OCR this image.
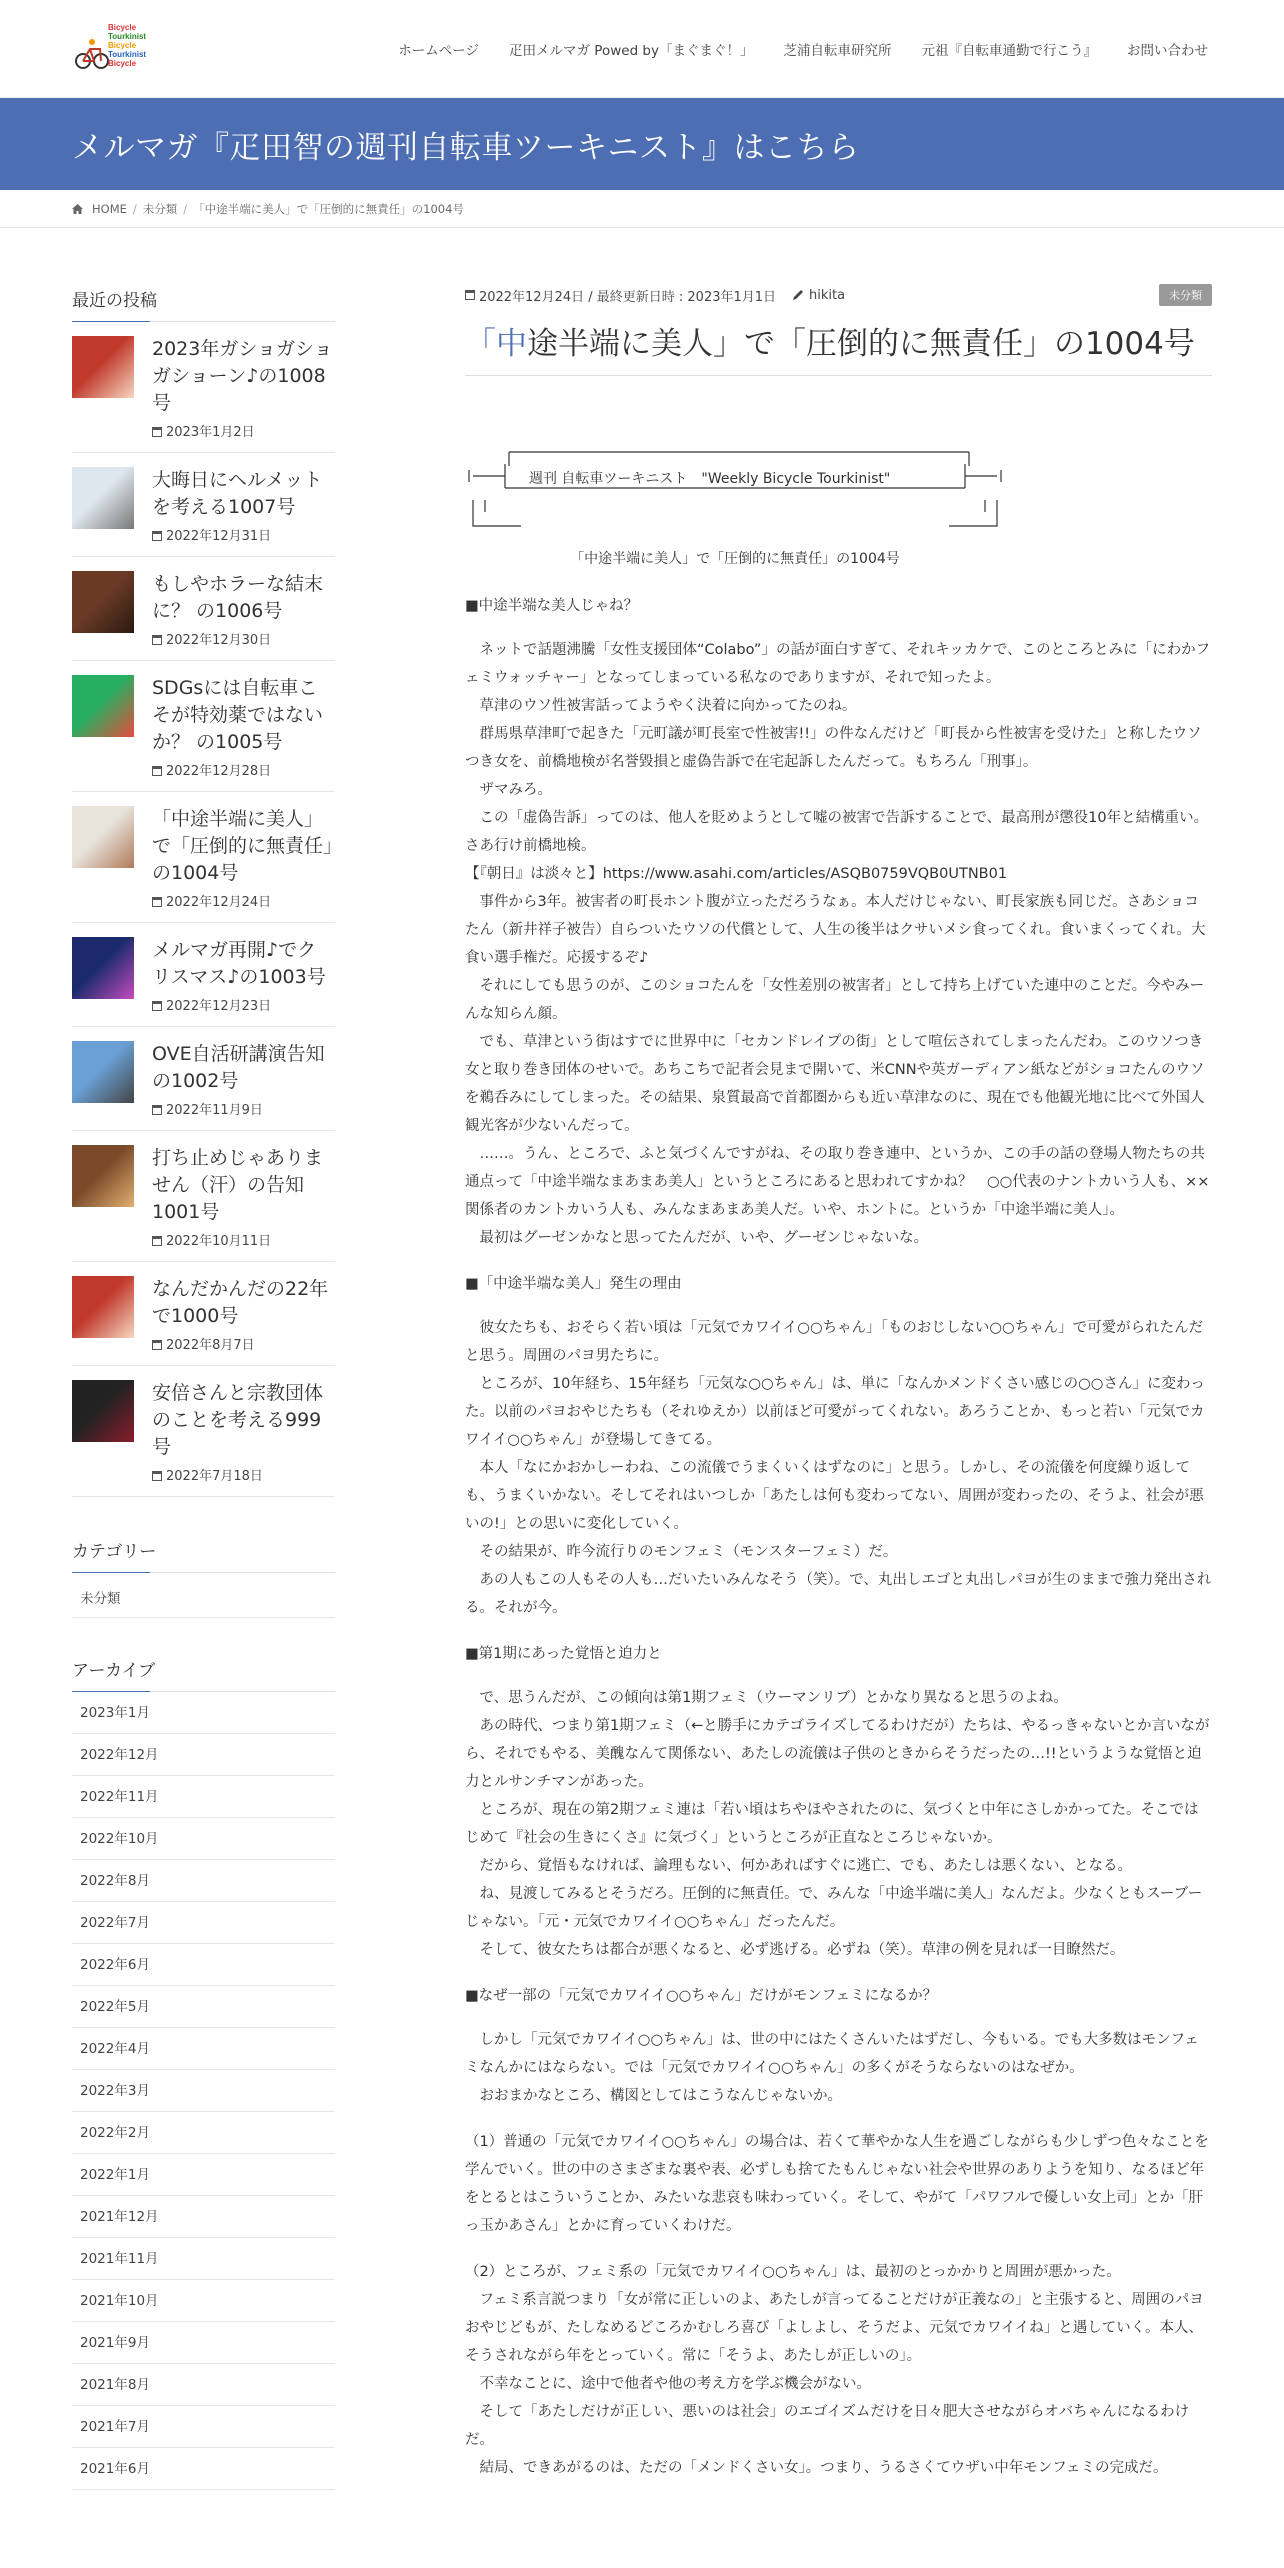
Bicycle
Tourkinist
Bicycle
Tourkinist
Bicycle
ホームページ 疋田メルマガ Powed by「まぐまぐ！」 芝浦自転車研究所 元祖『自転車通勤で行こう』 お問い合わせ
メルマガ『疋田智の週刊自転車ツーキニスト』はこちら
HOME / 未分類 / 「中途半端に美人」で「圧倒的に無責任」の1004号
最近の投稿
2023年ガショガショガショーン♪の1008号
2023年1月2日
大晦日にヘルメットを考える1007号
2022年12月31日
もしやホラーな結末に？ の1006号
2022年12月30日
SDGsには自転車こそが特効薬ではないか？ の1005号
2022年12月28日
「中途半端に美人」で「圧倒的に無責任」の1004号
2022年12月24日
メルマガ再開♪でクリスマス♪の1003号
2022年12月23日
OVE自活研講演告知の1002号
2022年11月9日
打ち止めじゃありません（汗）の告知1001号
2022年10月11日
なんだかんだの22年で1000号
2022年8月7日
安倍さんと宗教団体のことを考える999号
2022年7月18日
カテゴリー
未分類
アーカイブ
2023年1月
2022年12月
2022年11月
2022年10月
2022年8月
2022年7月
2022年6月
2022年5月
2022年4月
2022年3月
2022年2月
2022年1月
2021年12月
2021年11月
2021年10月
2021年9月
2021年8月
2021年7月
2021年6月
2022年12月24日 / 最終更新日時 : 2023年1月1日	hikita	未分類
「中途半端に美人」で「圧倒的に無責任」の1004号
週刊 自転車ツーキニスト　"Weekly Bicycle Tourkinist"
「中途半端に美人」で「圧倒的に無責任」の1004号
■中途半端な美人じゃね？
　ネットで話題沸騰「女性支援団体“Colabo”」の話が面白すぎて、それキッカケで、このところとみに「にわかフェミウォッチャー」となってしまっている私なのでありますが、それで知ったよ。
　草津のウソ性被害話ってようやく決着に向かってたのね。
　群馬県草津町で起きた「元町議が町長室で性被害!!」の件なんだけど「町長から性被害を受けた」と称したウソつき女を、前橋地検が名誉毀損と虚偽告訴で在宅起訴したんだって。もちろん「刑事」。
　ザマみろ。
　この「虚偽告訴」ってのは、他人を貶めようとして嘘の被害で告訴することで、最高刑が懲役10年と結構重い。さあ行け前橋地検。
【『朝日』は淡々と】https://www.asahi.com/articles/ASQB0759VQB0UTNB01
　事件から3年。被害者の町長ホント腹が立っただろうなぁ。本人だけじゃない、町長家族も同じだ。さあショコたん（新井祥子被告）自らついたウソの代償として、人生の後半はクサいメシ食ってくれ。食いまくってくれ。大食い選手権だ。応援するぞ♪
　それにしても思うのが、このショコたんを「女性差別の被害者」として持ち上げていた連中のことだ。今やみーんな知らん顔。
　でも、草津という街はすでに世界中に「セカンドレイプの街」として喧伝されてしまったんだわ。このウソつき女と取り巻き団体のせいで。あちこちで記者会見まで開いて、米CNNや英ガーディアン紙などがショコたんのウソを鵜呑みにしてしまった。その結果、泉質最高で首都圏からも近い草津なのに、現在でも他観光地に比べて外国人観光客が少ないんだって。
　……。うん、ところで、ふと気づくんですがね、その取り巻き連中、というか、この手の話の登場人物たちの共通点って「中途半端なまあまあ美人」というところにあると思われてすかね？　○○代表のナントカいう人も、××関係者のカントカいう人も、みんなまあまあ美人だ。いや、ホントに。というか「中途半端に美人」。
　最初はグーゼンかなと思ってたんだが、いや、グーゼンじゃないな。
■「中途半端な美人」発生の理由
　彼女たちも、おそらく若い頃は「元気でカワイイ○○ちゃん」「ものおじしない○○ちゃん」で可愛がられたんだと思う。周囲のパヨ男たちに。
　ところが、10年経ち、15年経ち「元気な○○ちゃん」は、単に「なんかメンドくさい感じの○○さん」に変わった。以前のパヨおやじたちも（それゆえか）以前ほど可愛がってくれない。あろうことか、もっと若い「元気でカワイイ○○ちゃん」が登場してきてる。
　本人「なにかおかしーわね、この流儀でうまくいくはずなのに」と思う。しかし、その流儀を何度繰り返しても、うまくいかない。そしてそれはいつしか「あたしは何も変わってない、周囲が変わったの、そうよ、社会が悪いの!」との思いに変化していく。
　その結果が、昨今流行りのモンフェミ（モンスターフェミ）だ。
　あの人もこの人もその人も…だいたいみんなそう（笑）。で、丸出しエゴと丸出しパヨが生のままで強力発出される。それが今。
■第1期にあった覚悟と迫力と
　で、思うんだが、この傾向は第1期フェミ（ウーマンリブ）とかなり異なると思うのよね。
　あの時代、つまり第1期フェミ（←と勝手にカテゴライズしてるわけだが）たちは、やるっきゃないとか言いながら、それでもやる、美醜なんて関係ない、あたしの流儀は子供のときからそうだったの…!!というような覚悟と迫力とルサンチマンがあった。
　ところが、現在の第2期フェミ連は「若い頃はちやほやされたのに、気づくと中年にさしかかってた。そこではじめて『社会の生きにくさ』に気づく」というところが正直なところじゃないか。
　だから、覚悟もなければ、論理もない、何かあればすぐに逃亡、でも、あたしは悪くない、となる。
　ね、見渡してみるとそうだろ。圧倒的に無責任。で、みんな「中途半端に美人」なんだよ。少なくともスーブーじゃない。「元・元気でカワイイ○○ちゃん」だったんだ。
　そして、彼女たちは都合が悪くなると、必ず逃げる。必ずね（笑）。草津の例を見れば一目瞭然だ。
■なぜ一部の「元気でカワイイ○○ちゃん」だけがモンフェミになるか？
　しかし「元気でカワイイ○○ちゃん」は、世の中にはたくさんいたはずだし、今もいる。でも大多数はモンフェミなんかにはならない。では「元気でカワイイ○○ちゃん」の多くがそうならないのはなぜか。
　おおまかなところ、構図としてはこうなんじゃないか。
（1）普通の「元気でカワイイ○○ちゃん」の場合は、若くて華やかな人生を過ごしながらも少しずつ色々なことを学んでいく。世の中のさまざまな裏や表、必ずしも捨てたもんじゃない社会や世界のありようを知り、なるほど年をとるとはこういうことか、みたいな悲哀も味わっていく。そして、やがて「パワフルで優しい女上司」とか「肝っ玉かあさん」とかに育っていくわけだ。
（2）ところが、フェミ系の「元気でカワイイ○○ちゃん」は、最初のとっかかりと周囲が悪かった。
　フェミ系言説つまり「女が常に正しいのよ、あたしが言ってることだけが正義なの」と主張すると、周囲のパヨおやじどもが、たしなめるどころかむしろ喜び「よしよし、そうだよ、元気でカワイイね」と遇していく。本人、そうされながら年をとっていく。常に「そうよ、あたしが正しいの」。
　不幸なことに、途中で他者や他の考え方を学ぶ機会がない。
　そして「あたしだけが正しい、悪いのは社会」のエゴイズムだけを日々肥大させながらオバちゃんになるわけだ。
　結局、できあがるのは、ただの「メンドくさい女」。つまり、うるさくてウザい中年モンフェミの完成だ。
